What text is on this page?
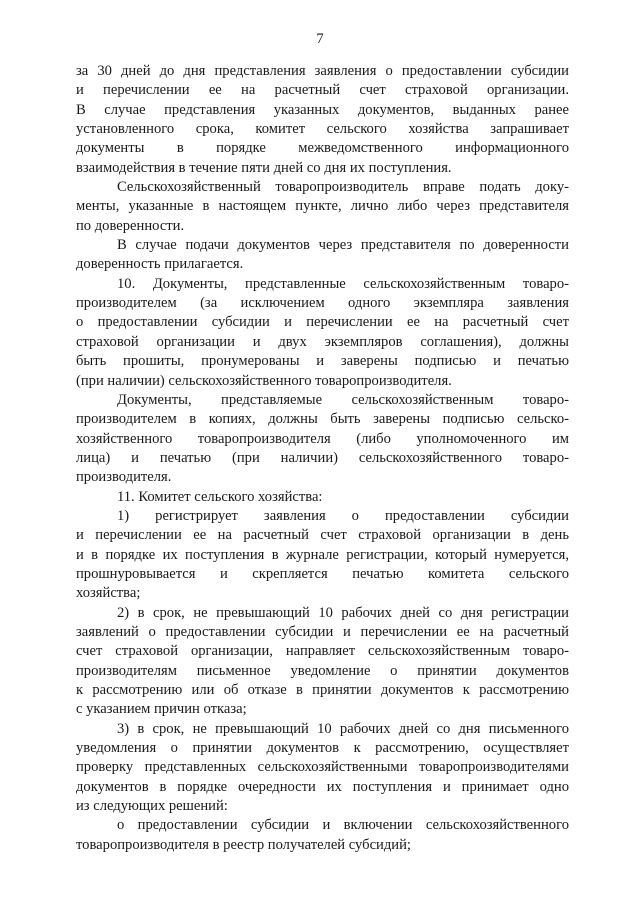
7
за 30 дней до дня представления заявления о предоставлении субсидии
и перечислении ее на расчетный счет страховой организации.
В случае представления указанных документов, выданных ранее
установленного срока, комитет сельского хозяйства запрашивает
документы в порядке межведомственного информационного
взаимодействия в течение пяти дней со дня их поступления.
Сельскохозяйственный товаропроизводитель вправе подать доку-
менты, указанные в настоящем пункте, лично либо через представителя
по доверенности.
В случае подачи документов через представителя по доверенности
доверенность прилагается.
10. Документы, представленные сельскохозяйственным товаро-
производителем (за исключением одного экземпляра заявления
о предоставлении субсидии и перечислении ее на расчетный счет
страховой организации и двух экземпляров соглашения), должны
быть прошиты, пронумерованы и заверены подписью и печатью
(при наличии) сельскохозяйственного товаропроизводителя.
Документы, представляемые сельскохозяйственным товаро-
производителем в копиях, должны быть заверены подписью сельско-
хозяйственного товаропроизводителя (либо уполномоченного им
лица) и печатью (при наличии) сельскохозяйственного товаро-
производителя.
11. Комитет сельского хозяйства:
1) регистрирует заявления о предоставлении субсидии
и перечислении ее на расчетный счет страховой организации в день
и в порядке их поступления в журнале регистрации, который нумеруется,
прошнуровывается и скрепляется печатью комитета сельского
хозяйства;
2) в срок, не превышающий 10 рабочих дней со дня регистрации
заявлений о предоставлении субсидии и перечислении ее на расчетный
счет страховой организации, направляет сельскохозяйственным товаро-
производителям письменное уведомление о принятии документов
к рассмотрению или об отказе в принятии документов к рассмотрению
с указанием причин отказа;
3) в срок, не превышающий 10 рабочих дней со дня письменного
уведомления о принятии документов к рассмотрению, осуществляет
проверку представленных сельскохозяйственными товаропроизводителями
документов в порядке очередности их поступления и принимает одно
из следующих решений:
о предоставлении субсидии и включении сельскохозяйственного
товаропроизводителя в реестр получателей субсидий;
